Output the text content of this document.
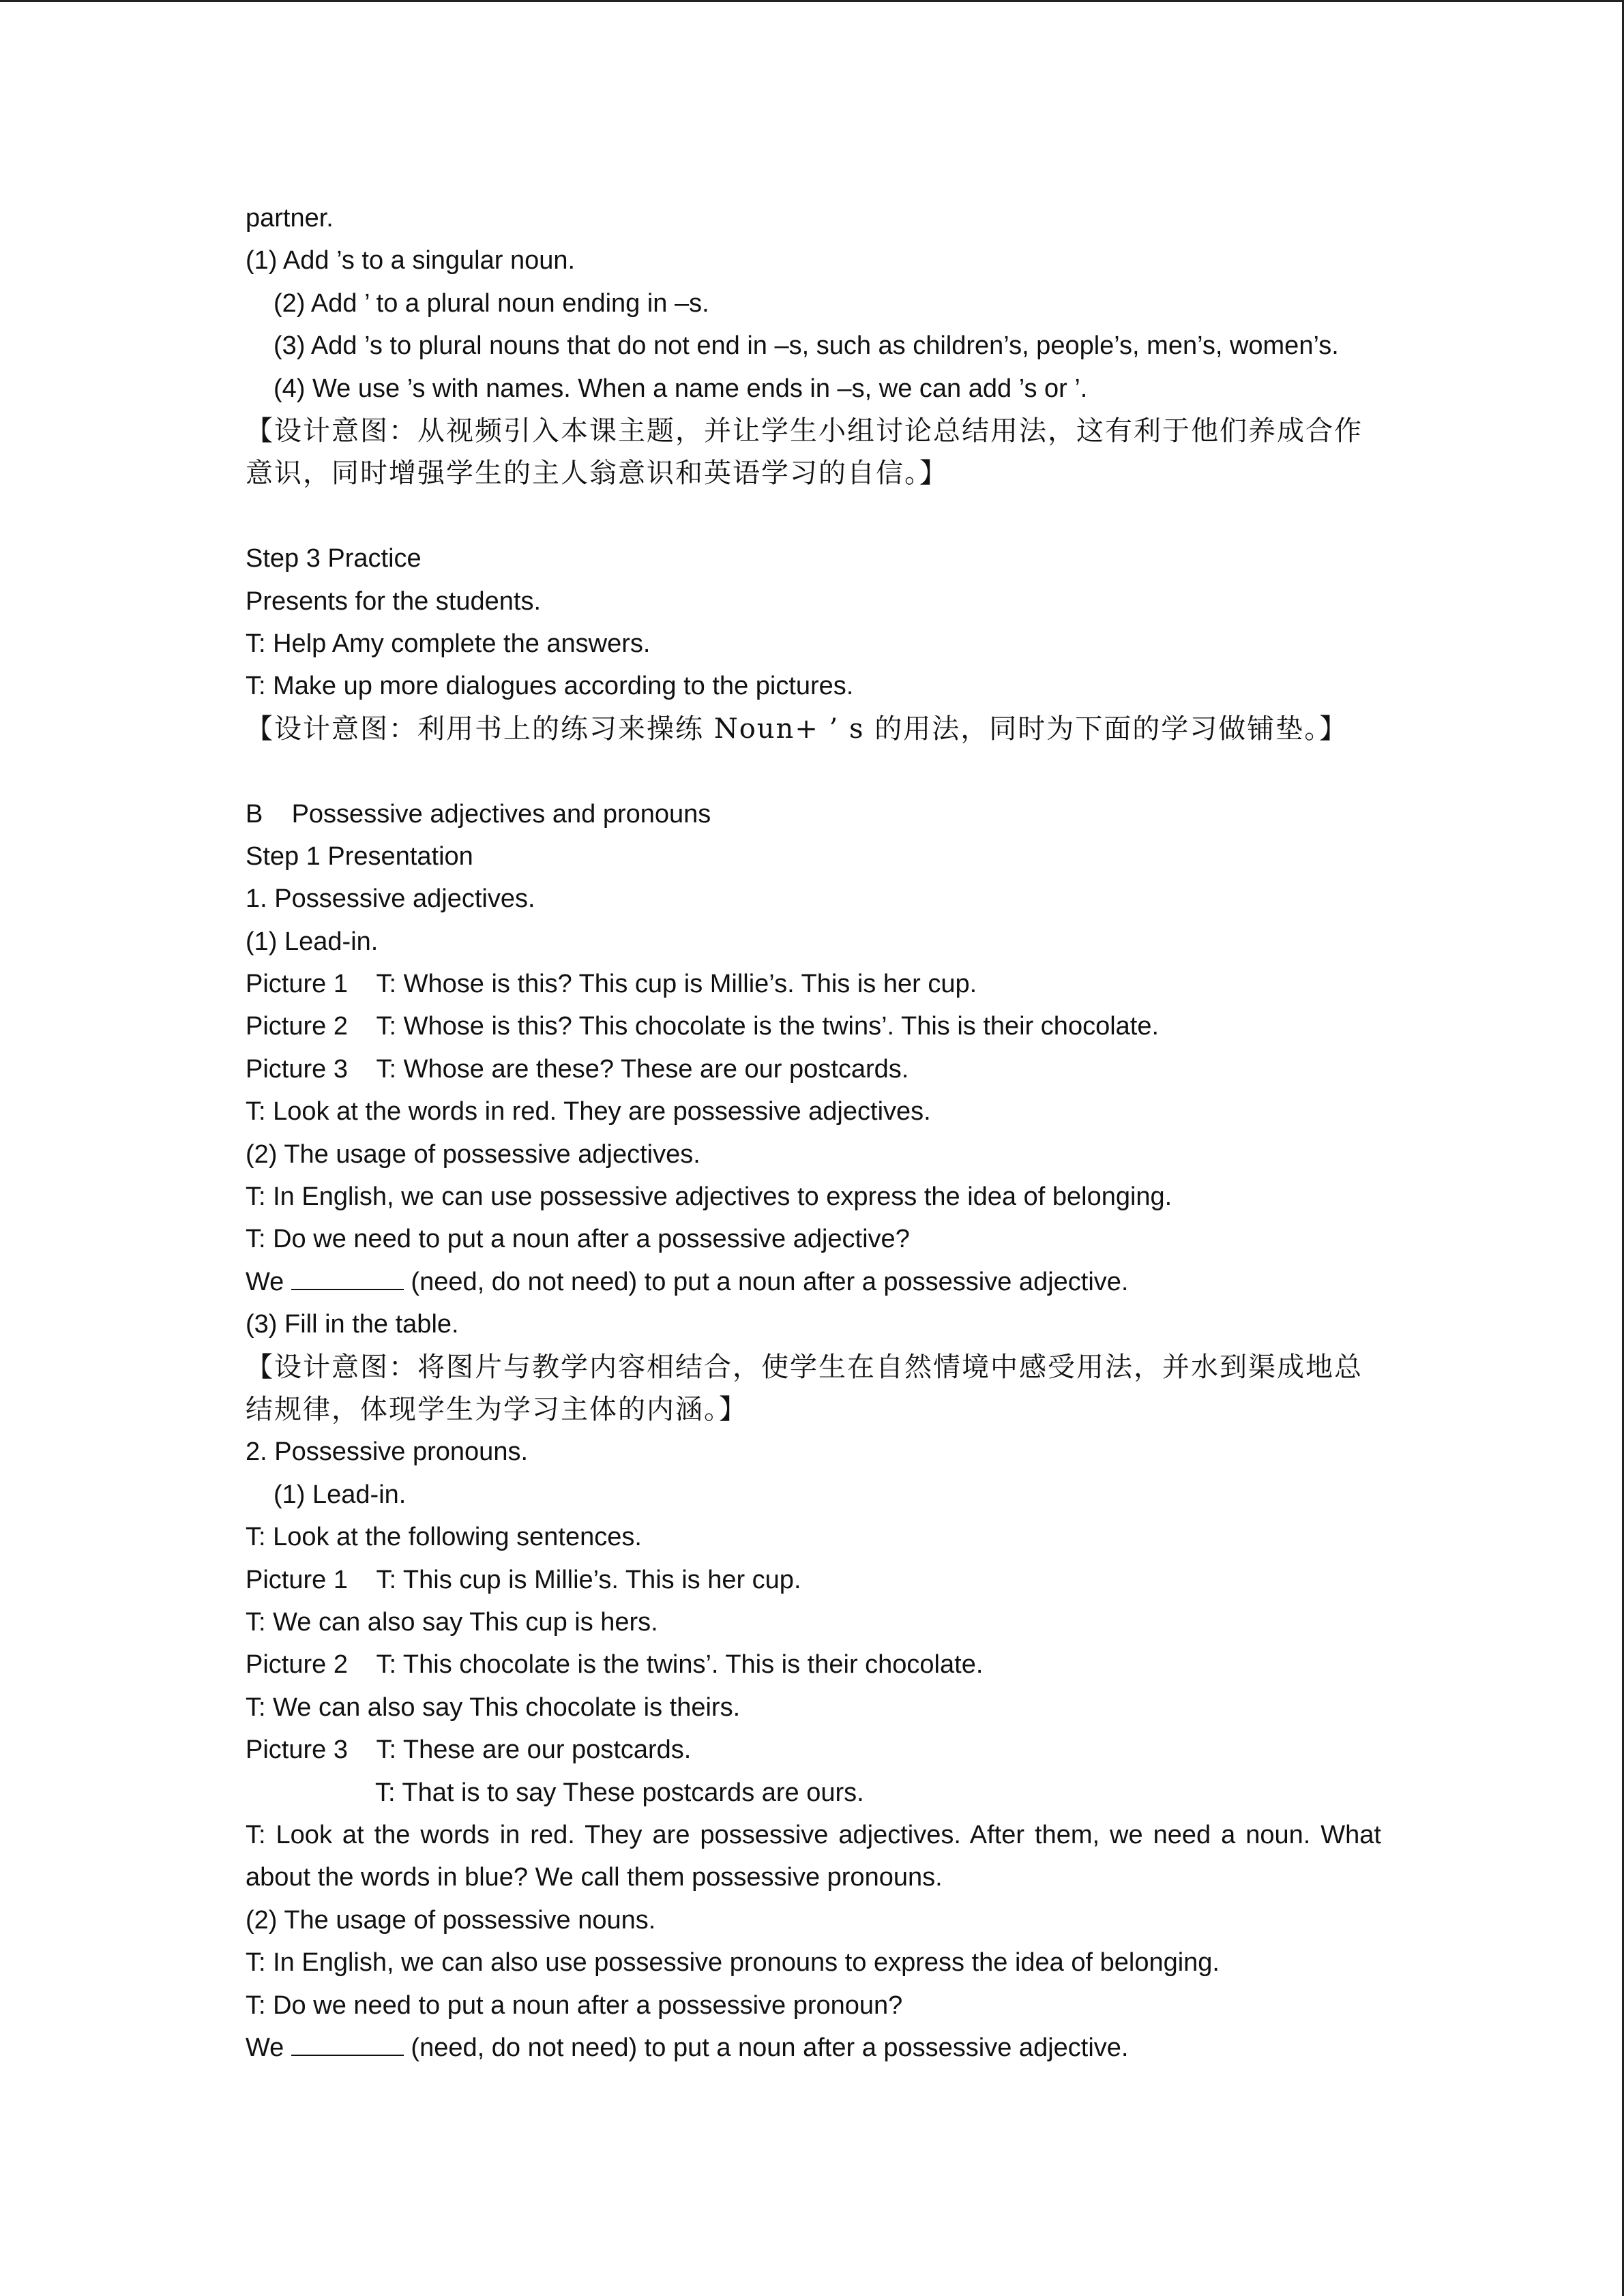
partner.
(1) Add ’s to a singular noun.
(2) Add ’ to a plural noun ending in –s.
(3) Add ’s to plural nouns that do not end in –s, such as children’s, people’s, men’s, women’s.
(4) We use ’s with names. When a name ends in –s, we can add ’s or ’.
【设计意图：从视频引入本课主题，并让学生小组讨论总结用法，这有利于他们养成合作意识，同时增强学生的主人翁意识和英语学习的自信。】
Step 3 Practice
Presents for the students.
T: Help Amy complete the answers.
T: Make up more dialogues according to the pictures.
【设计意图：利用书上的练习来操练 Noun+ ’ s 的用法，同时为下面的学习做铺垫。】
B    Possessive adjectives and pronouns
Step 1 Presentation
1. Possessive adjectives.
(1) Lead-in.
Picture 1    T: Whose is this? This cup is Millie’s. This is her cup.
Picture 2    T: Whose is this? This chocolate is the twins’. This is their chocolate.
Picture 3    T: Whose are these? These are our postcards.
T: Look at the words in red. They are possessive adjectives.
(2) The usage of possessive adjectives.
T: In English, we can use possessive adjectives to express the idea of belonging.
T: Do we need to put a noun after a possessive adjective?
We	(need, do not need) to put a noun after a possessive adjective.
(3) Fill in the table.
【设计意图：将图片与教学内容相结合，使学生在自然情境中感受用法，并水到渠成地总结规律，体现学生为学习主体的内涵。】
2. Possessive pronouns.
(1) Lead-in.
T: Look at the following sentences.
Picture 1    T: This cup is Millie’s. This is her cup.
T: We can also say This cup is hers.
Picture 2    T: This chocolate is the twins’. This is their chocolate.
T: We can also say This chocolate is theirs.
Picture 3    T: These are our postcards.
T: That is to say These postcards are ours.
T: Look at the words in red. They are possessive adjectives. After them, we need a noun. What about the words in blue? We call them possessive pronouns.
(2) The usage of possessive nouns.
T: In English, we can also use possessive pronouns to express the idea of belonging.
T: Do we need to put a noun after a possessive pronoun?
We	(need, do not need) to put a noun after a possessive adjective.
